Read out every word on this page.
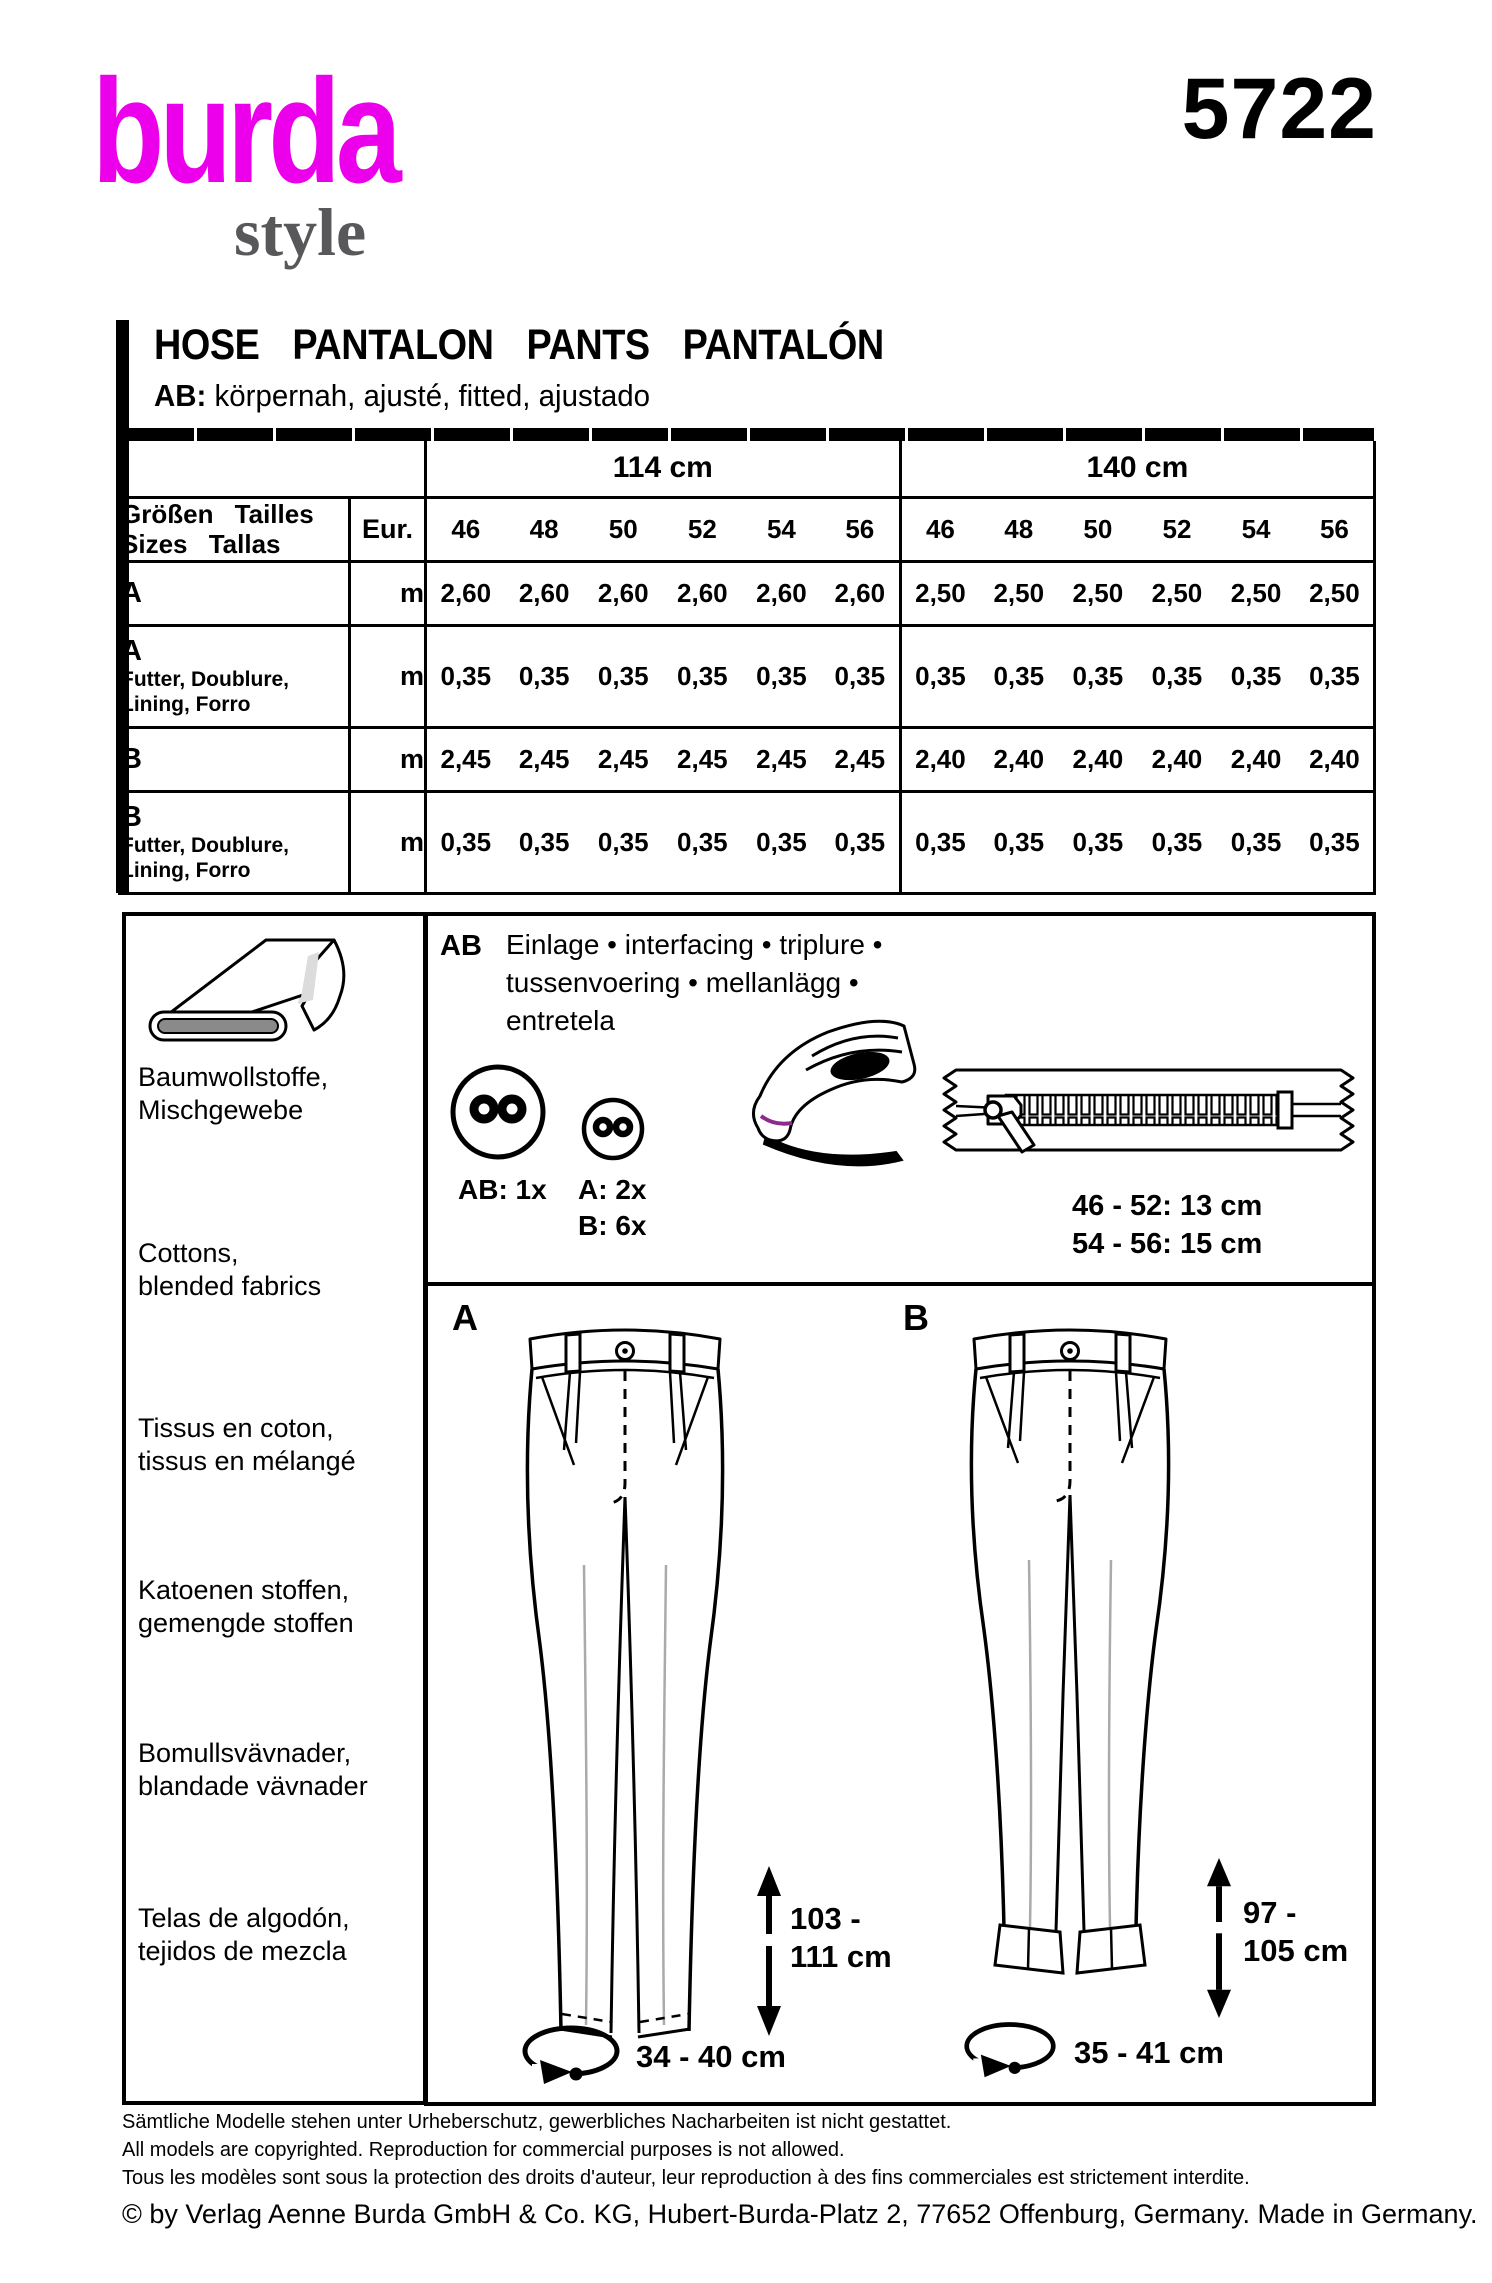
burda
style
5722
HOSE PANTALON PANTS PANTALÓN
AB: körpernah, ajusté, fitted, ajustado
		114 cm						140 cm					

Größen Tailles
Sizes Tallas	Eur.	46	48	50	52	54	56	46	48	50	52	54	56

A	m	2,60	2,60	2,60	2,60	2,60	2,60	2,50	2,50	2,50	2,50	2,50	2,50

A
Futter, Doublure,
Lining, Forro	m	0,35	0,35	0,35	0,35	0,35	0,35	0,35	0,35	0,35	0,35	0,35	0,35

B	m	2,45	2,45	2,45	2,45	2,45	2,45	2,40	2,40	2,40	2,40	2,40	2,40

B
Futter, Doublure,
Lining, Forro	m	0,35	0,35	0,35	0,35	0,35	0,35	0,35	0,35	0,35	0,35	0,35	0,35
Baumwollstoffe,
Mischgewebe
Cottons,
blended fabrics
Tissus en coton,
tissus en mélangé
Katoenen stoffen,
gemengde stoffen
Bomullsvävnader,
blandade vävnader
Telas de algodón,
tejidos de mezcla
AB Einlage • interfacing • triplure •
tussenvoering • mellanlägg •
entretela
AB: 1x A: 2x
B: 6x
46 - 52: 13 cm
54 - 56: 15 cm
A	B
103 -
111 cm
34 - 40 cm
97 -
105 cm
35 - 41 cm
Sämtliche Modelle stehen unter Urheberschutz, gewerbliches Nacharbeiten ist nicht gestattet.
All models are copyrighted. Reproduction for commercial purposes is not allowed.
Tous les modèles sont sous la protection des droits d'auteur, leur reproduction à des fins commerciales est strictement interdite.
© by Verlag Aenne Burda GmbH & Co. KG, Hubert-Burda-Platz 2, 77652 Offenburg, Germany. Made in Germany.
